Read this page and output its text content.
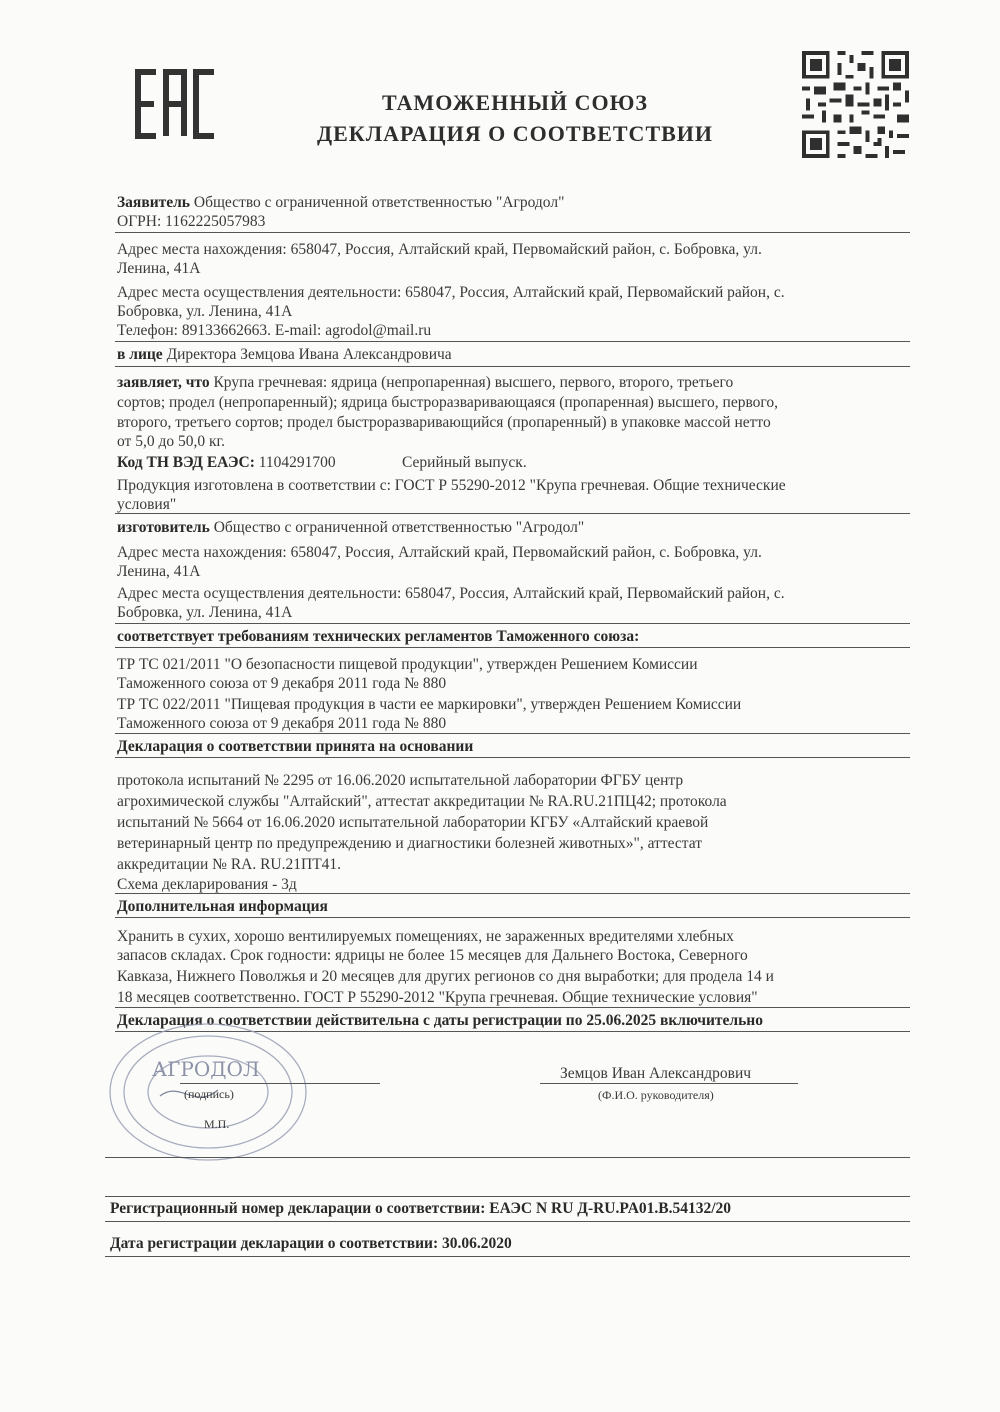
ТАМОЖЕННЫЙ СОЮЗ
ДЕКЛАРАЦИЯ О СООТВЕТСТВИИ
Заявитель Общество с ограниченной ответственностью "Агродол"
ОГРН: 1162225057983
Адрес места нахождения: 658047, Россия, Алтайский край, Первомайский район, с. Бобровка, ул.
Ленина, 41А
Адрес места осуществления деятельности: 658047, Россия, Алтайский край, Первомайский район, с.
Бобровка, ул. Ленина, 41А
Телефон: 89133662663. E-mail: agrodol@mail.ru
в лице Директора Земцова Ивана Александровича
заявляет, что Крупа гречневая: ядрица (непропаренная) высшего, первого, второго, третьего
сортов; продел (непропаренный); ядрица быстроразваривающаяся (пропаренная) высшего, первого,
второго, третьего сортов; продел быстроразваривающийся (пропаренный) в упаковке массой нетто
от 5,0 до 50,0 кг.
Код ТН ВЭД ЕАЭС: 1104291700	Серийный выпуск.
Продукция изготовлена в соответствии с: ГОСТ Р 55290-2012 "Крупа гречневая. Общие технические
условия"
изготовитель Общество с ограниченной ответственностью "Агродол"
Адрес места нахождения: 658047, Россия, Алтайский край, Первомайский район, с. Бобровка, ул.
Ленина, 41А
Адрес места осуществления деятельности: 658047, Россия, Алтайский край, Первомайский район, с.
Бобровка, ул. Ленина, 41А
соответствует требованиям технических регламентов Таможенного союза:
ТР ТС 021/2011 "О безопасности пищевой продукции", утвержден Решением Комиссии
Таможенного союза от 9 декабря 2011 года № 880
ТР ТС 022/2011 "Пищевая продукция в части ее маркировки", утвержден Решением Комиссии
Таможенного союза от 9 декабря 2011 года № 880
Декларация о соответствии принята на основании
протокола испытаний № 2295 от 16.06.2020 испытательной лаборатории ФГБУ центр
агрохимической службы "Алтайский", аттестат аккредитации № RA.RU.21ПЦ42; протокола
испытаний № 5664 от 16.06.2020 испытательной лаборатории КГБУ «Алтайский краевой
ветеринарный центр по предупреждению и диагностики болезней животных»", аттестат
аккредитации № RA. RU.21ПТ41.
Схема декларирования - 3д
Дополнительная информация
Хранить в сухих, хорошо вентилируемых помещениях, не зараженных вредителями хлебных
запасов складах. Срок годности: ядрицы не более 15 месяцев для Дальнего Востока, Северного
Кавказа, Нижнего Поволжья и 20 месяцев для других регионов со дня выработки; для продела 14 и
18 месяцев соответственно. ГОСТ Р 55290-2012 "Крупа гречневая. Общие технические условия"
Декларация о соответствии действительна с даты регистрации по 25.06.2025 включительно
АГРОДОЛ	Земцов Иван Александрович
(Ф.И.О. руководителя)
(подпись)
М.П.
Регистрационный номер декларации о соответствии: ЕАЭС N RU Д-RU.PA01.B.54132/20
Дата регистрации декларации о соответствии: 30.06.2020
